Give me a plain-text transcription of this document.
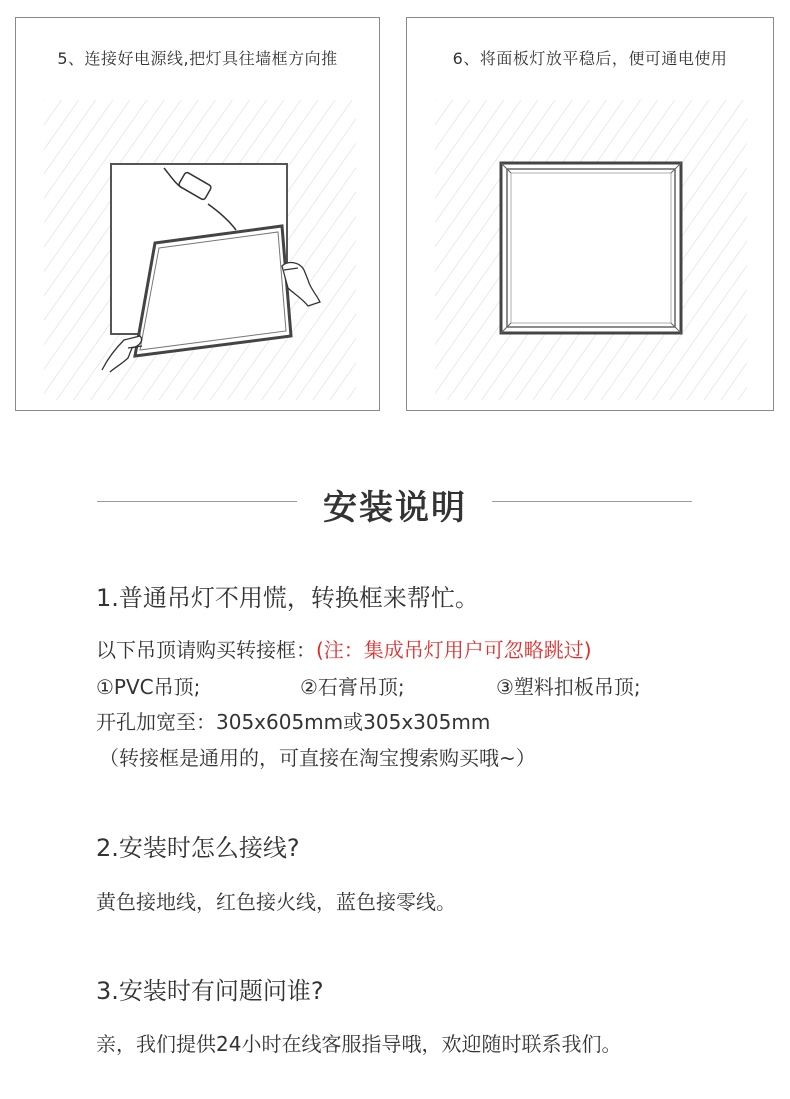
5、连接好电源线,把灯具往墙框方向推	6、将面板灯放平稳后，便可通电使用
安装说明
1.普通吊灯不用慌，转换框来帮忙。
以下吊顶请购买转接框：(注：集成吊灯用户可忽略跳过)
①PVC吊顶;	②石膏吊顶;	③塑料扣板吊顶;
开孔加宽至：305x605mm或305x305mm
（转接框是通用的，可直接在淘宝搜索购买哦~）
2.安装时怎么接线?
黄色接地线，红色接火线，蓝色接零线。
3.安装时有问题问谁?
亲，我们提供24小时在线客服指导哦，欢迎随时联系我们。
